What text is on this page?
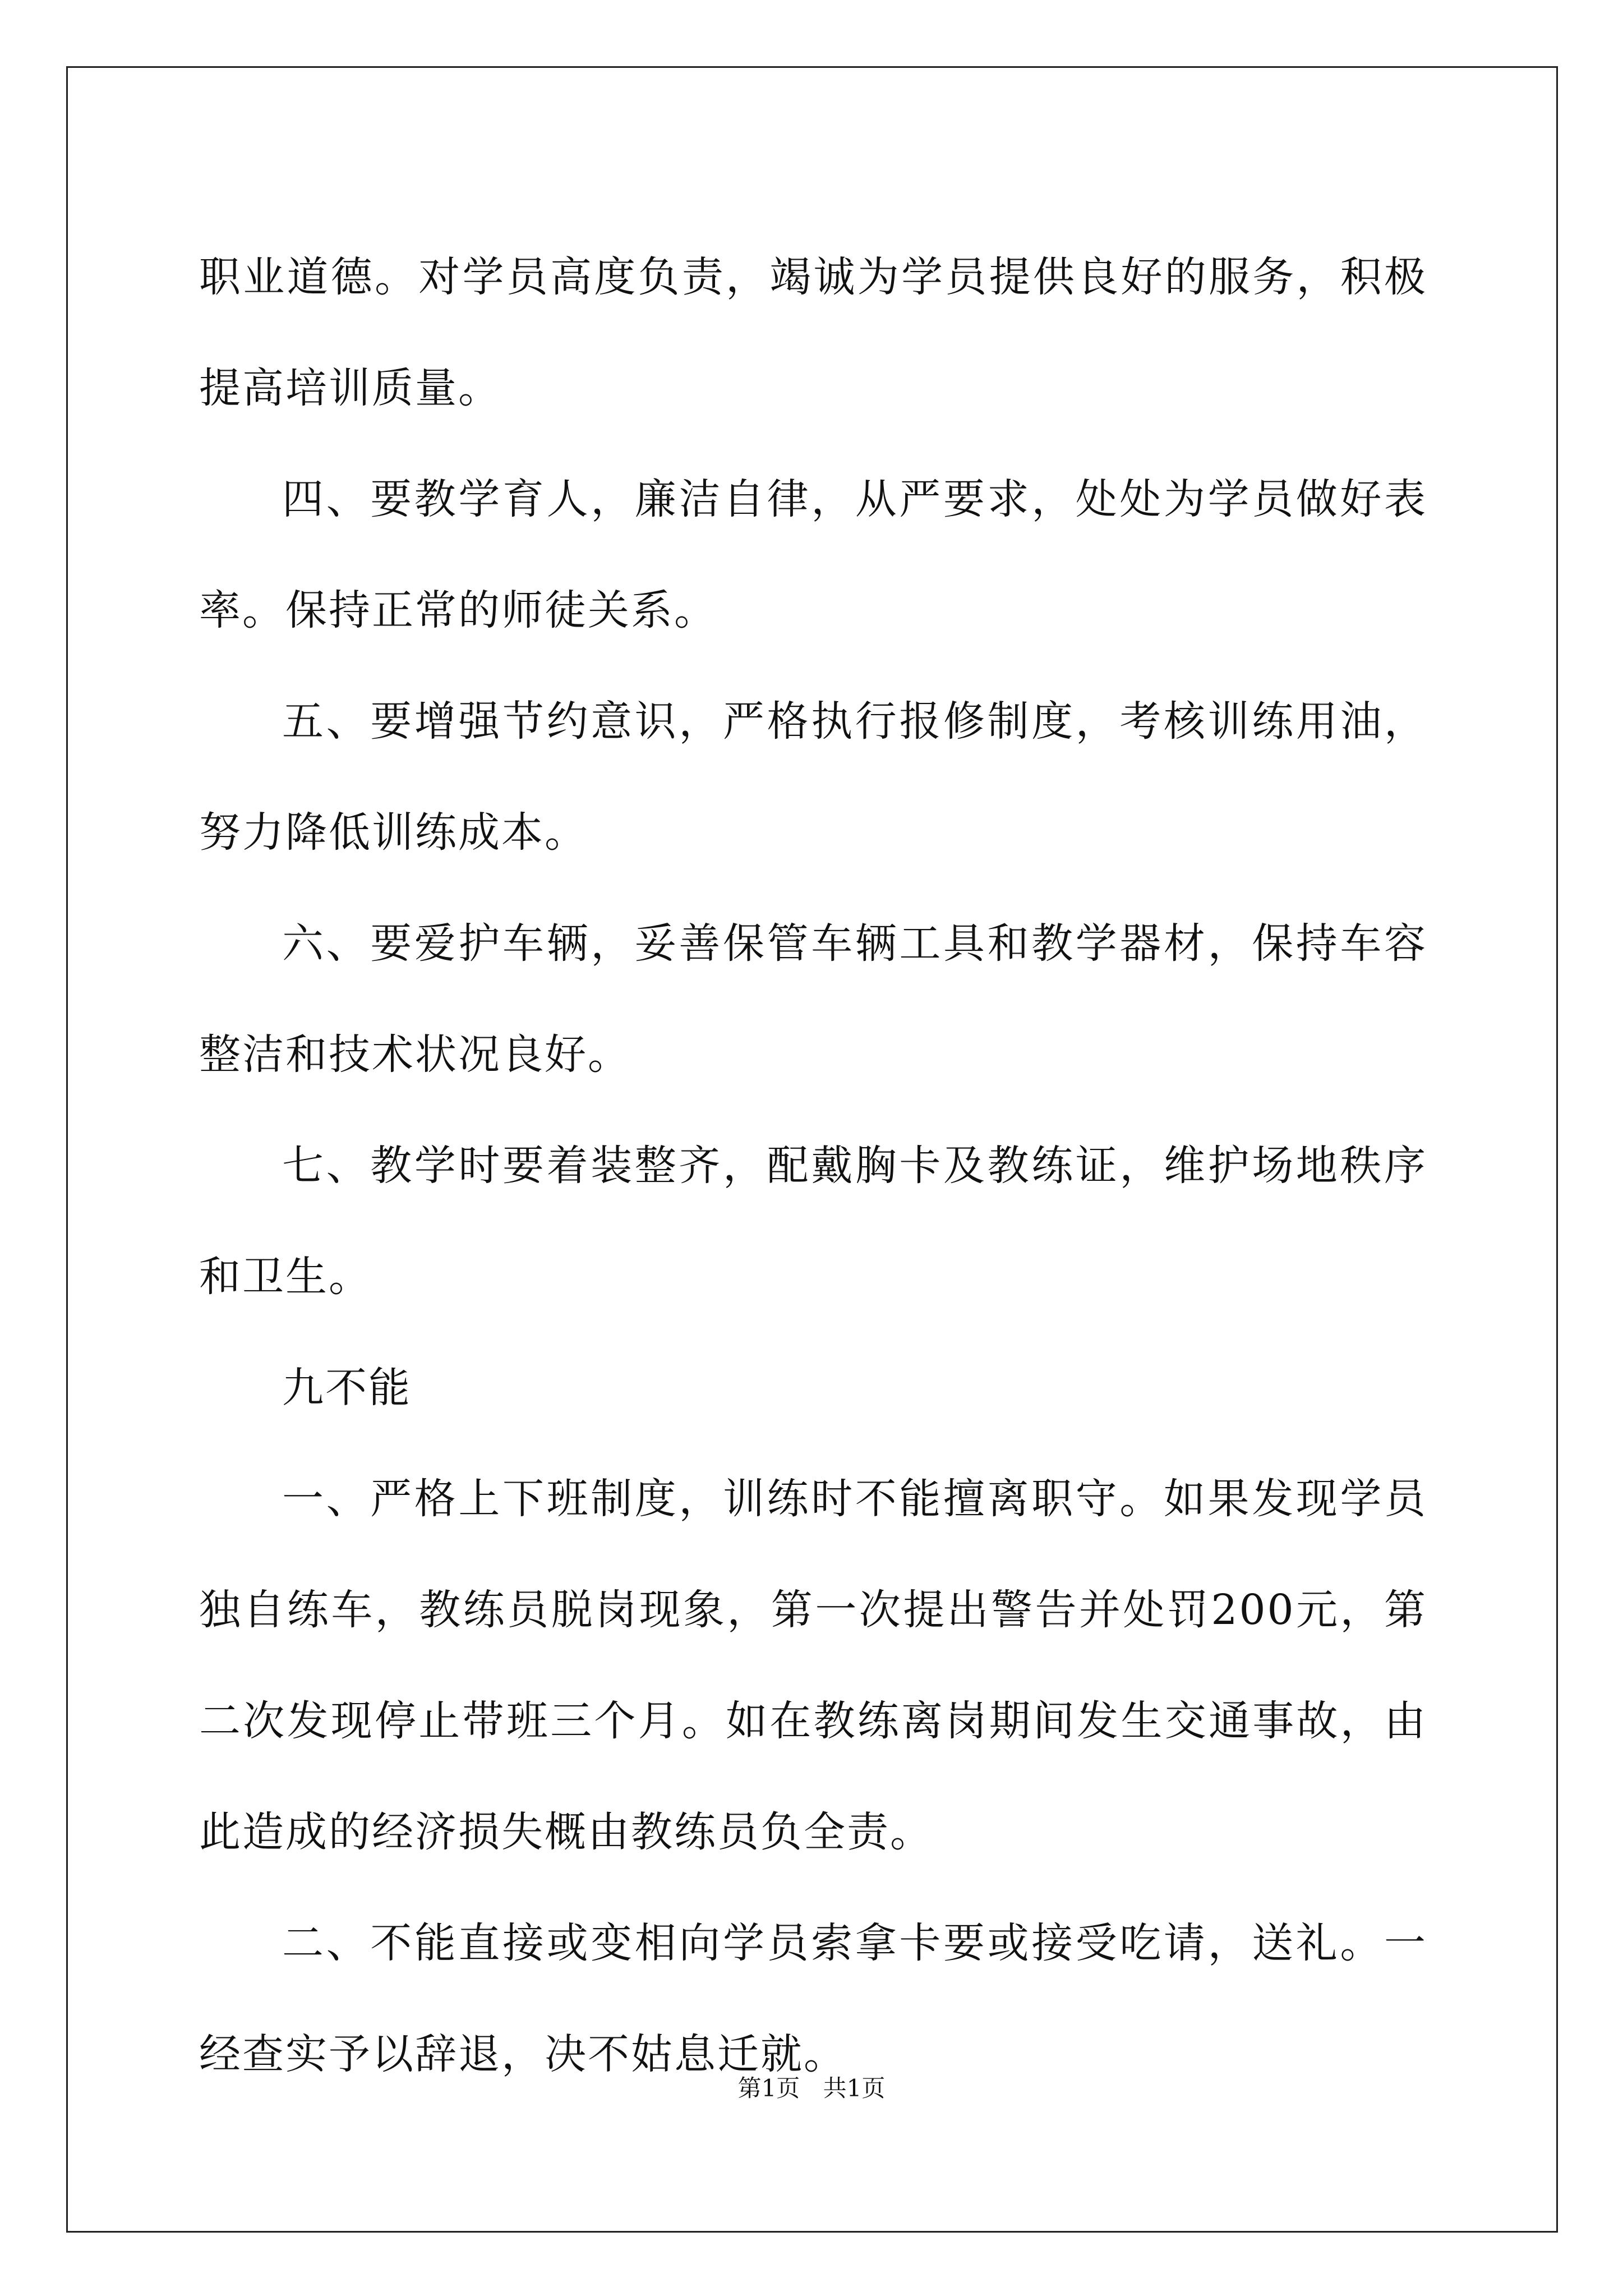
职业道德。对学员高度负责，竭诚为学员提供良好的服务，积极提高培训质量。

四、要教学育人，廉洁自律，从严要求，处处为学员做好表率。保持正常的师徒关系。

五、要增强节约意识，严格执行报修制度，考核训练用油，努力降低训练成本。

六、要爱护车辆，妥善保管车辆工具和教学器材，保持车容整洁和技术状况良好。

七、教学时要着装整齐，配戴胸卡及教练证，维护场地秩序和卫生。

九不能

一、严格上下班制度，训练时不能擅离职守。如果发现学员独自练车，教练员脱岗现象，第一次提出警告并处罚200元，第二次发现停止带班三个月。如在教练离岗期间发生交通事故，由此造成的经济损失概由教练员负全责。

二、不能直接或变相向学员索拿卡要或接受吃请，送礼。一经查实予以辞退，决不姑息迁就。

第1页 共1页
